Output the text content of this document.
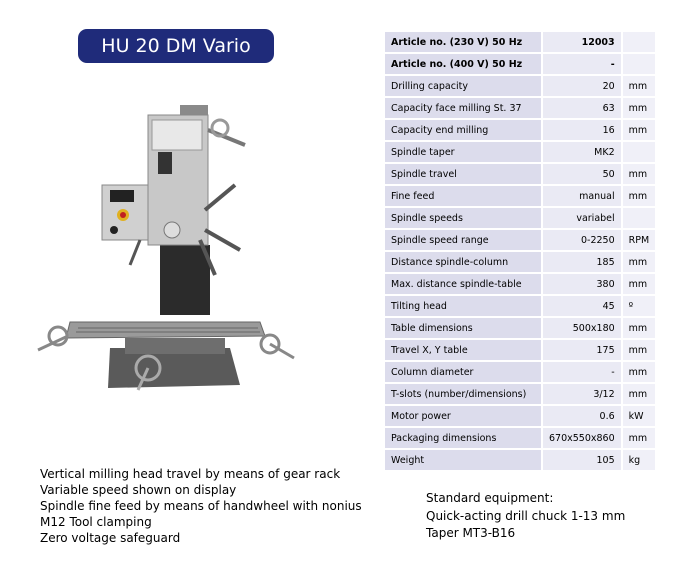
HU 20 DM Vario	Article no. (230 V) 50 Hz	12003	
Article no. (400 V) 50 Hz	-	
Drilling capacity	20	mm
Capacity face milling St. 37	63	mm
Capacity end milling	16	mm
Spindle taper	MK2	
Spindle travel	50	mm
Fine feed	manual	mm
Spindle speeds	variabel	
Spindle speed range	0-2250	RPM
Distance spindle-column	185	mm
Max. distance spindle-table	380	mm
Tilting head	45	º
Table dimensions	500x180	mm
Travel X, Y table	175	mm
Column diameter	-	mm
T-slots (number/dimensions)	3/12	mm
Motor power	0.6	kW
Packaging dimensions	670x550x860	mm
Weight	105	kg
Vertical milling head travel by means of gear rack
Variable speed shown on display
Spindle fine feed by means of handwheel with nonius
M12 Tool clamping
Zero voltage safeguard
Standard equipment:
Quick-acting drill chuck 1-13 mm
Taper MT3-B16
